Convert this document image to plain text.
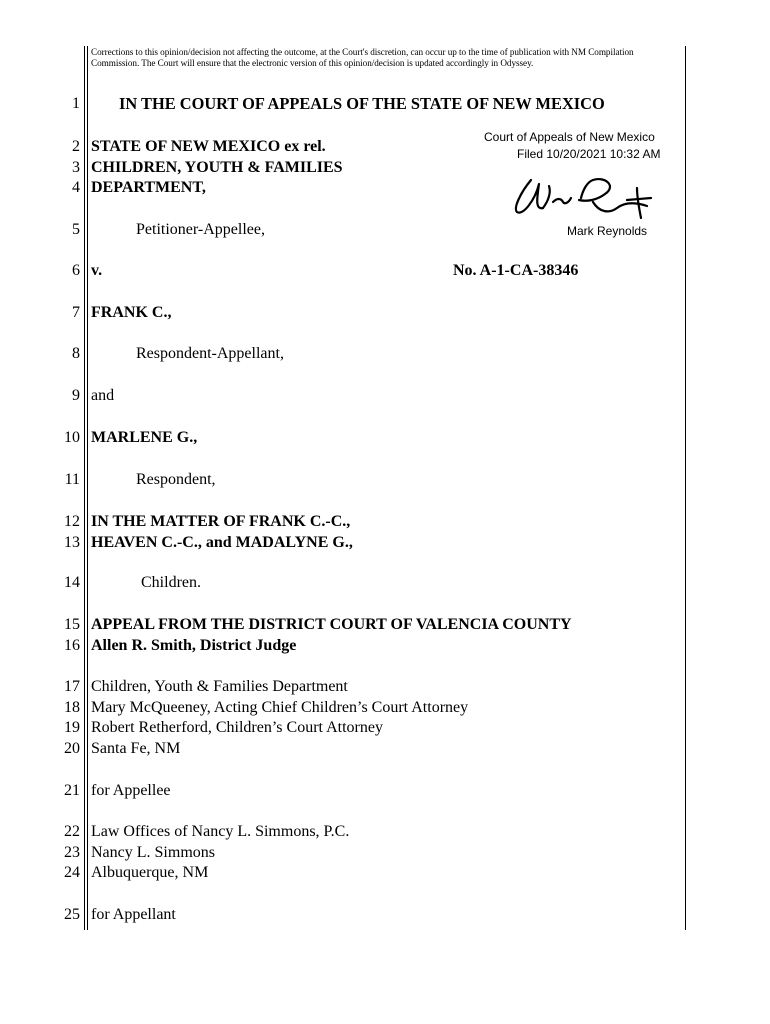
Corrections to this opinion/decision not affecting the outcome, at the Court's discretion, can occur up to the time of publication with NM Compilation Commission. The Court will ensure that the electronic version of this opinion/decision is updated accordingly in Odyssey.
1
2
3
4
5
6
7
8
9
10
11
12
13
14
15
16
17
18
19
20
21
22
23
24
25
IN THE COURT OF APPEALS OF THE STATE OF NEW MEXICO
STATE OF NEW MEXICO ex rel.
CHILDREN, YOUTH & FAMILIES
DEPARTMENT,
Petitioner-Appellee,
v.
FRANK C.,
Respondent-Appellant,
and
MARLENE G.,
Respondent,
IN THE MATTER OF FRANK C.-C.,
HEAVEN C.-C., and MADALYNE G.,
Children.
APPEAL FROM THE DISTRICT COURT OF VALENCIA COUNTY
Allen R. Smith, District Judge
Children, Youth & Families Department
Mary McQueeney, Acting Chief Children’s Court Attorney
Robert Retherford, Children’s Court Attorney
Santa Fe, NM
for Appellee
Law Offices of Nancy L. Simmons, P.C.
Nancy L. Simmons
Albuquerque, NM
for Appellant
No. A-1-CA-38346
Court of Appeals of New Mexico
Filed 10/20/2021 10:32 AM
Mark Reynolds
